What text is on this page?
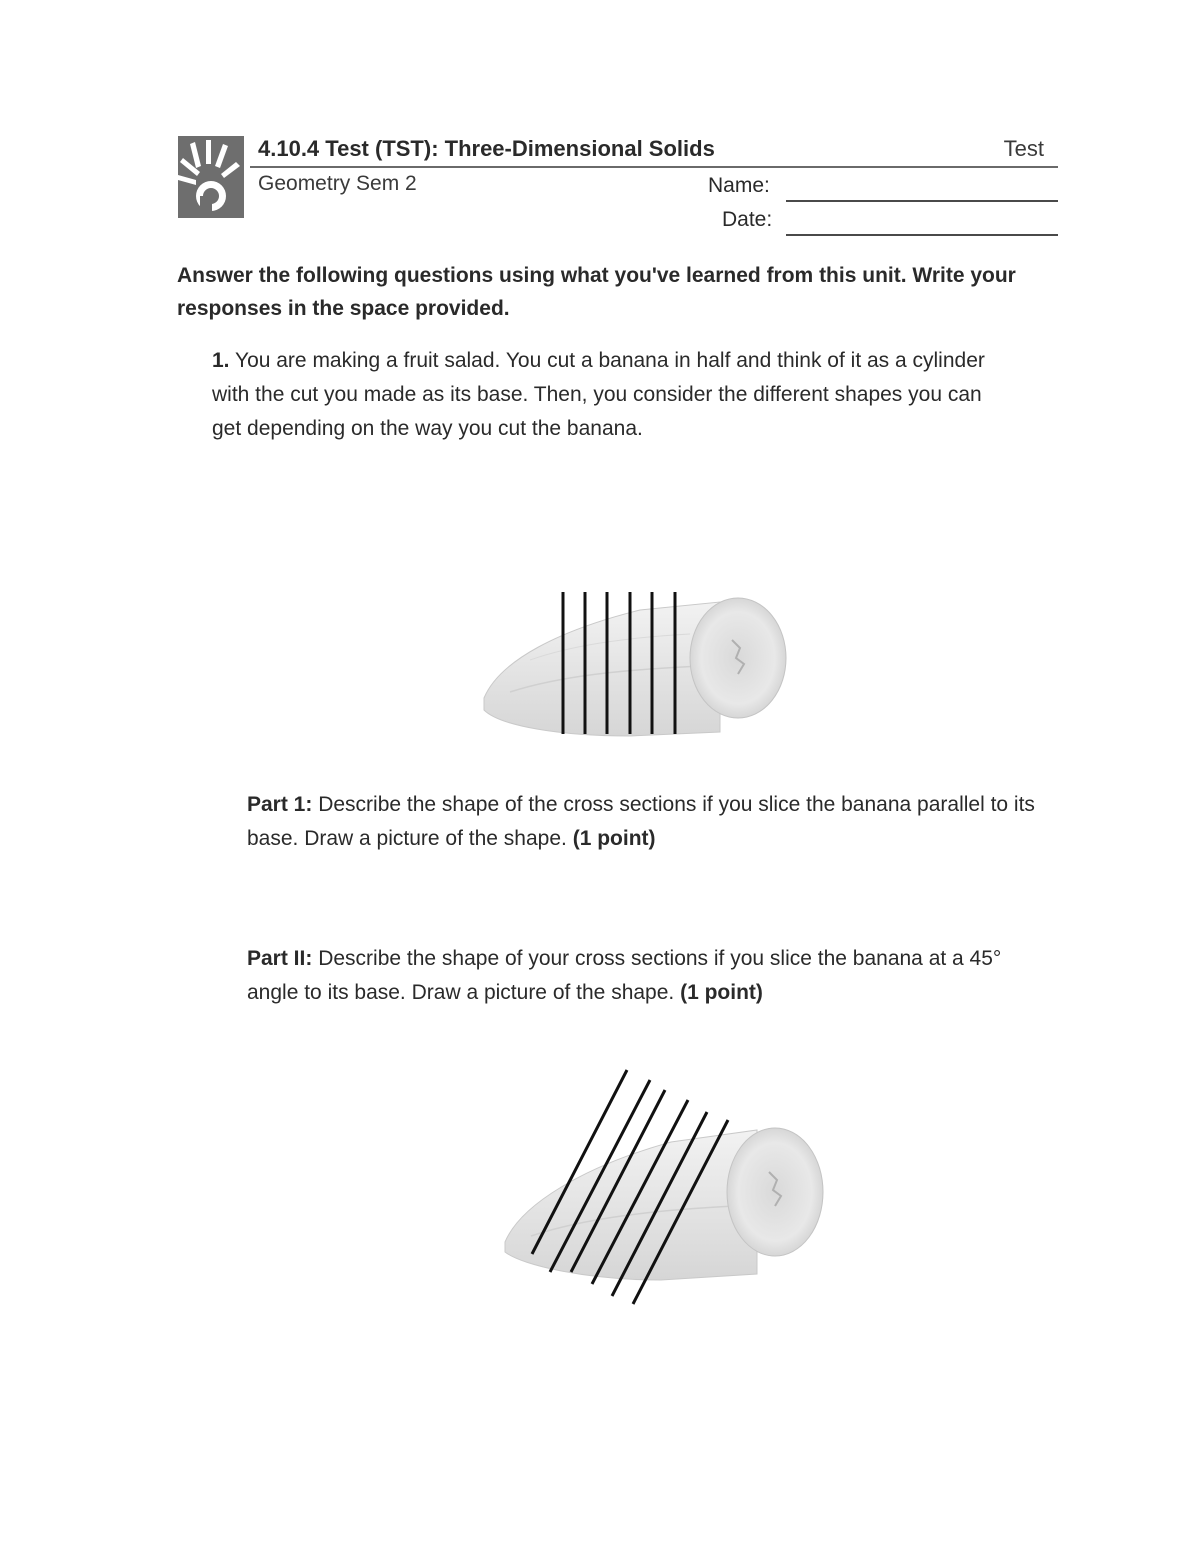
4.10.4 Test (TST): Three-Dimensional Solids	Test
Geometry Sem 2	Name:
Date:
Answer the following questions using what you've learned from this unit. Write your responses in the space provided.
1. You are making a fruit salad. You cut a banana in half and think of it as a cylinder with the cut you made as its base. Then, you consider the different shapes you can get depending on the way you cut the banana.
Part 1: Describe the shape of the cross sections if you slice the banana parallel to its base. Draw a picture of the shape. (1 point)
Part II: Describe the shape of your cross sections if you slice the banana at a 45° angle to its base. Draw a picture of the shape. (1 point)
